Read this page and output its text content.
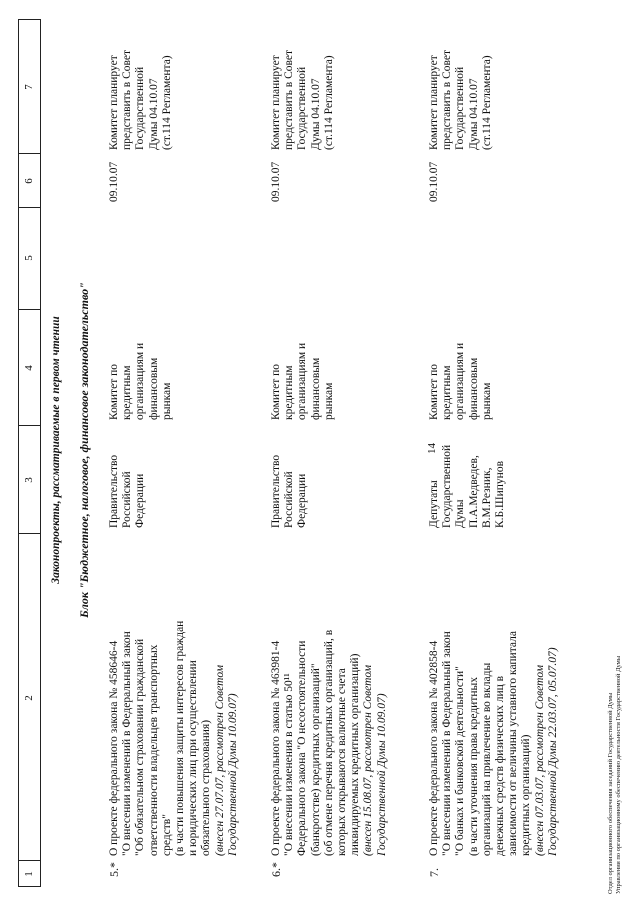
14
1
2
3
4
5
6
7
Законопроекты, рассматриваемые в первом чтении Блок "Бюджетное, налоговое, финансовое законодательство"
5.*
О проекте федерального закона № 458646-4 "О внесении изменений в Федеральный закон "Об обязательном страховании гражданской ответственности владельцев транспортных средств" (в части повышения защиты интересов граждан и юридических лиц при осуществлении обязательного страхования) (внесен 27.07.07, рассмотрен Советом Государственной Думы 10.09.07)
Правительство Российской Федерации
Комитет по кредитным организациям и финансовым рынкам
09.10.07
Комитет планирует представить в Совет Государственной Думы 04.10.07 (ст.114 Регламента)
6.*
О проекте федерального закона № 463981-4 "О внесении изменения в статью 50¹¹ Федерального закона "О несостоятельности (банкротстве) кредитных организаций" (об отмене перечня кредитных организаций, в которых открываются валютные счета ликвидируемых кредитных организаций) (внесен 15.08.07, рассмотрен Советом Государственной Думы 10.09.07)
Правительство Российской Федерации
Комитет по кредитным организациям и финансовым рынкам
09.10.07
Комитет планирует представить в Совет Государственной Думы 04.10.07 (ст.114 Регламента)
7.
О проекте федерального закона № 402858-4 "О внесении изменений в Федеральный закон "О банках и банковской деятельности" (в части уточнения права кредитных организаций на привлечение во вклады денежных средств физических лиц в зависимости от величины уставного капитала кредитных организаций) (внесен 07.03.07, рассмотрен Советом Государственной Думы 22.03.07, 05.07.07)
Депутаты Государственной Думы П.А.Медведев, В.М.Резник, К.Б.Шипунов
Комитет по кредитным организациям и финансовым рынкам
09.10.07
Комитет планирует представить в Совет Государственной Думы 04.10.07 (ст.114 Регламента)
Отдел организационного обеспечения заседаний Государственной Думы Управления по организационному обеспечению деятельности Государственной Думы
